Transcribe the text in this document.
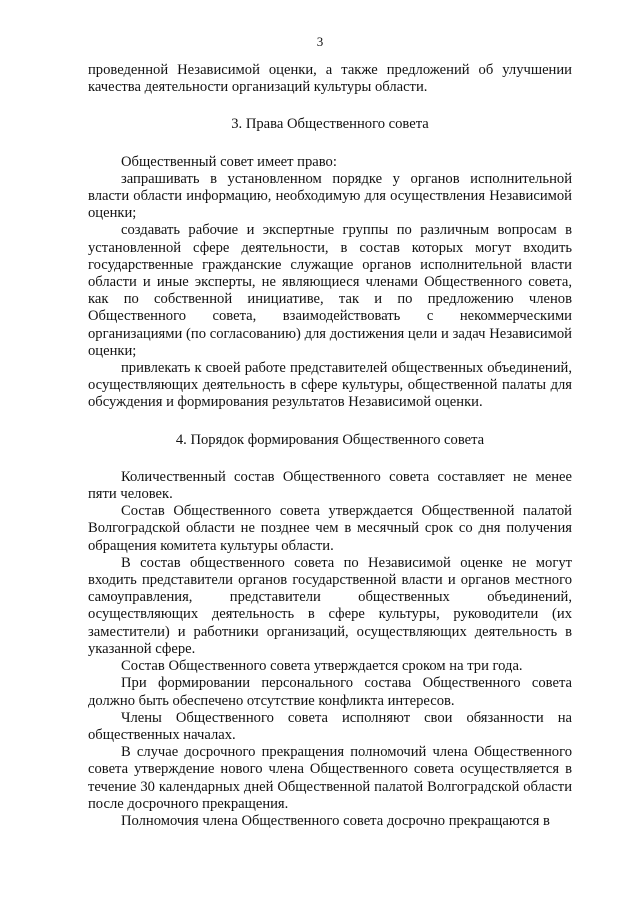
3

проведенной Независимой оценки, а также предложений об улучшении качества деятельности организаций культуры области.

3. Права Общественного совета

Общественный совет имеет право:

запрашивать в установленном порядке у органов исполнительной власти области информацию, необходимую для осуществления Независимой оценки;

создавать рабочие и экспертные группы по различным вопросам в установленной сфере деятельности, в состав которых могут входить государственные гражданские служащие органов исполнительной власти области и иные эксперты, не являющиеся членами Общественного совета, как по собственной инициативе, так и по предложению членов Общественного совета, взаимодействовать с некоммерческими организациями (по согласованию) для достижения цели и задач Независимой оценки;

привлекать к своей работе представителей общественных объединений, осуществляющих деятельность в сфере культуры, общественной палаты для обсуждения и формирования результатов Независимой оценки.

4. Порядок формирования Общественного совета

Количественный состав Общественного совета составляет не менее пяти человек.

Состав Общественного совета утверждается Общественной палатой Волгоградской области не позднее чем в месячный срок со дня получения обращения комитета культуры области.

В состав общественного совета по Независимой оценке не могут входить представители органов государственной власти и органов местного самоуправления, представители общественных объединений, осуществляющих деятельность в сфере культуры, руководители (их заместители) и работники организаций, осуществляющих деятельность в указанной сфере.

Состав Общественного совета утверждается сроком на три года.

При формировании персонального состава Общественного совета должно быть обеспечено отсутствие конфликта интересов.

Члены Общественного совета исполняют свои обязанности на общественных началах.

В случае досрочного прекращения полномочий члена Общественного совета утверждение нового члена Общественного совета осуществляется в течение 30 календарных дней Общественной палатой Волгоградской области после досрочного прекращения.

Полномочия члена Общественного совета досрочно прекращаются в
